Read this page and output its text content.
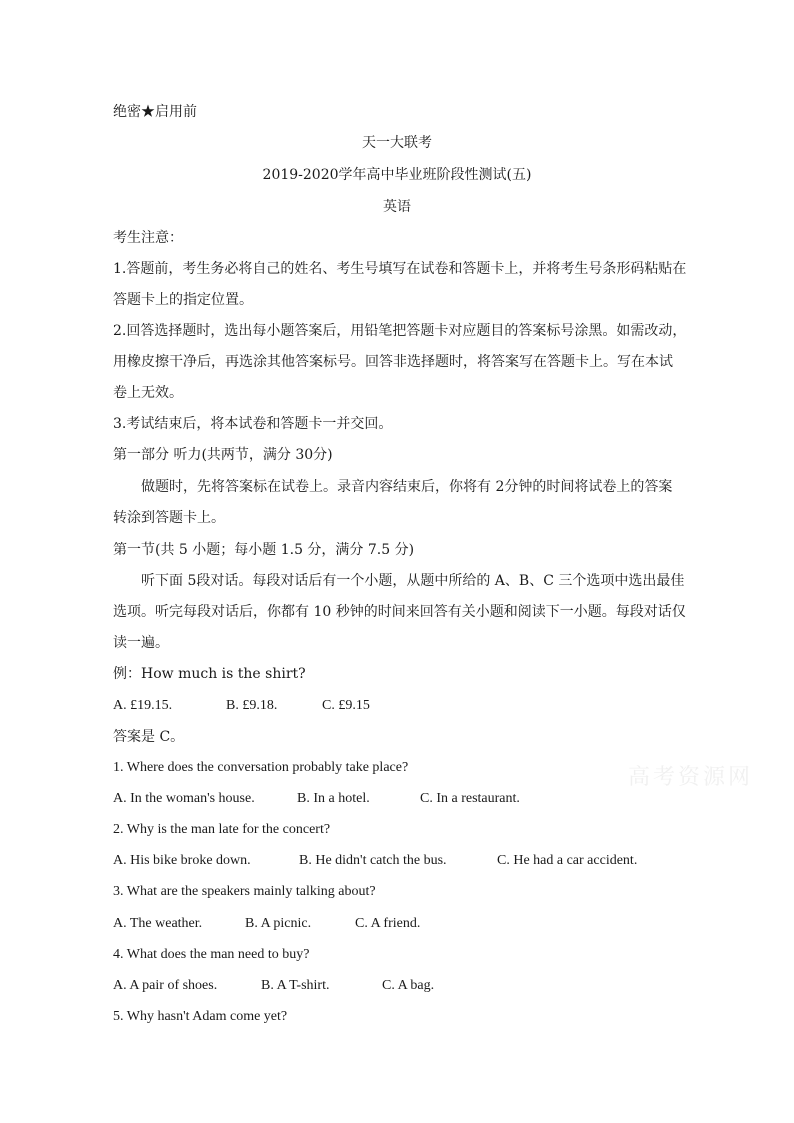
绝密★启用前
天一大联考
2019-2020学年高中毕业班阶段性测试(五)
英语
考生注意：
1.答题前，考生务必将自己的姓名、考生号填写在试卷和答题卡上，并将考生号条形码粘贴在
答题卡上的指定位置。
2.回答选择题时，选出每小题答案后，用铅笔把答题卡对应题目的答案标号涂黑。如需改动，
用橡皮擦干净后，再选涂其他答案标号。回答非选择题时，将答案写在答题卡上。写在本试
卷上无效。
3.考试结束后，将本试卷和答题卡一并交回。
第一部分 听力(共两节，满分 30分)
做题时，先将答案标在试卷上。录音内容结束后，你将有 2分钟的时间将试卷上的答案
转涂到答题卡上。
第一节(共 5 小题；每小题 1.5 分，满分 7.5 分)
听下面 5段对话。每段对话后有一个小题，从题中所给的 A、B、C 三个选项中选出最佳
选项。听完每段对话后，你都有 10 秒钟的时间来回答有关小题和阅读下一小题。每段对话仅
读一遍。
例：How much is the shirt?
A. £19.15.	B. £9.18.	C. £9.15
答案是 C。
1. Where does the conversation probably take place?
A. In the woman's house.	B. In a hotel.	C. In a restaurant.
2. Why is the man late for the concert?
A. His bike broke down.	B. He didn't catch the bus.	C. He had a car accident.
3. What are the speakers mainly talking about?
A. The weather.	B. A picnic.	C. A friend.
4. What does the man need to buy?
A. A pair of shoes.	B. A T-shirt.	C. A bag.
5. Why hasn't Adam come yet?
高考资源网
